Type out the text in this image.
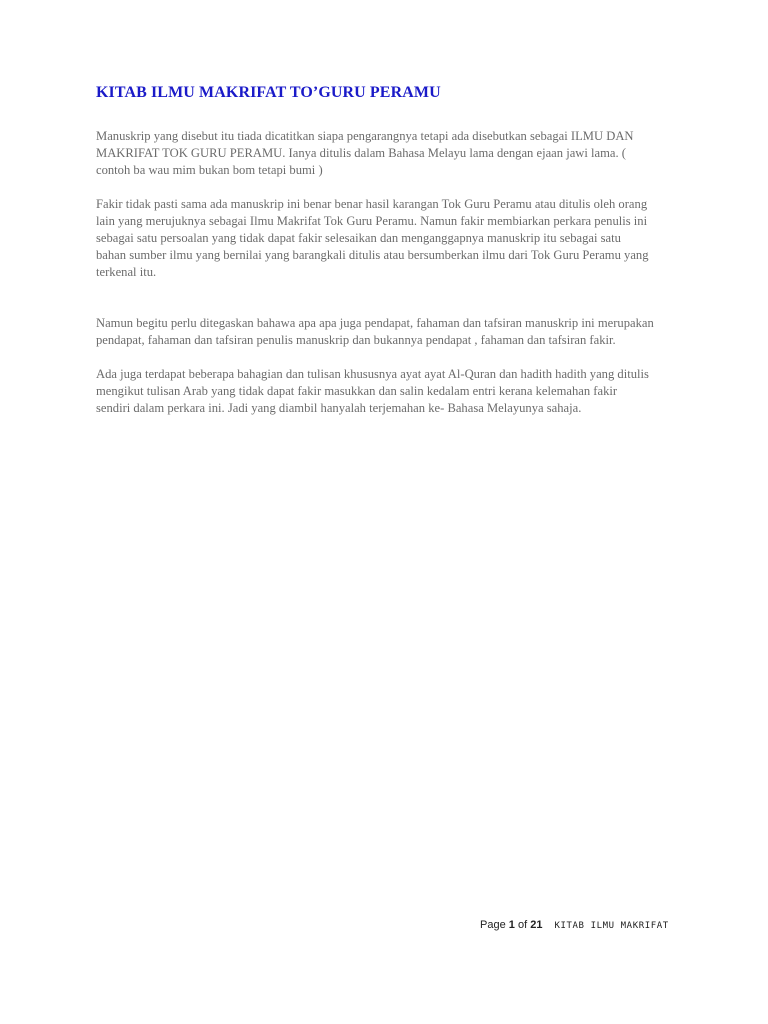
KITAB ILMU MAKRIFAT TO’GURU PERAMU

Manuskrip yang disebut itu tiada dicatitkan siapa pengarangnya tetapi ada disebutkan sebagai ILMU DAN
MAKRIFAT TOK GURU PERAMU. Ianya ditulis dalam Bahasa Melayu lama dengan ejaan jawi lama. (
contoh ba wau mim bukan bom tetapi bumi )

Fakir tidak pasti sama ada manuskrip ini benar benar hasil karangan Tok Guru Peramu atau ditulis oleh orang
lain yang merujuknya sebagai Ilmu Makrifat Tok Guru Peramu. Namun fakir membiarkan perkara penulis ini
sebagai satu persoalan yang tidak dapat fakir selesaikan dan menganggapnya manuskrip itu sebagai satu
bahan sumber ilmu yang bernilai yang barangkali ditulis atau bersumberkan ilmu dari Tok Guru Peramu yang
terkenal itu.

Namun begitu perlu ditegaskan bahawa apa apa juga pendapat, fahaman dan tafsiran manuskrip ini merupakan
pendapat, fahaman dan tafsiran penulis manuskrip dan bukannya pendapat , fahaman dan tafsiran fakir.

Ada juga terdapat beberapa bahagian dan tulisan khususnya ayat ayat Al-Quran dan hadith hadith yang ditulis
mengikut tulisan Arab yang tidak dapat fakir masukkan dan salin kedalam entri kerana kelemahan fakir
sendiri dalam perkara ini. Jadi yang diambil hanyalah terjemahan ke- Bahasa Melayunya sahaja.

Page 1 of 21 KITAB ILMU MAKRIFAT
